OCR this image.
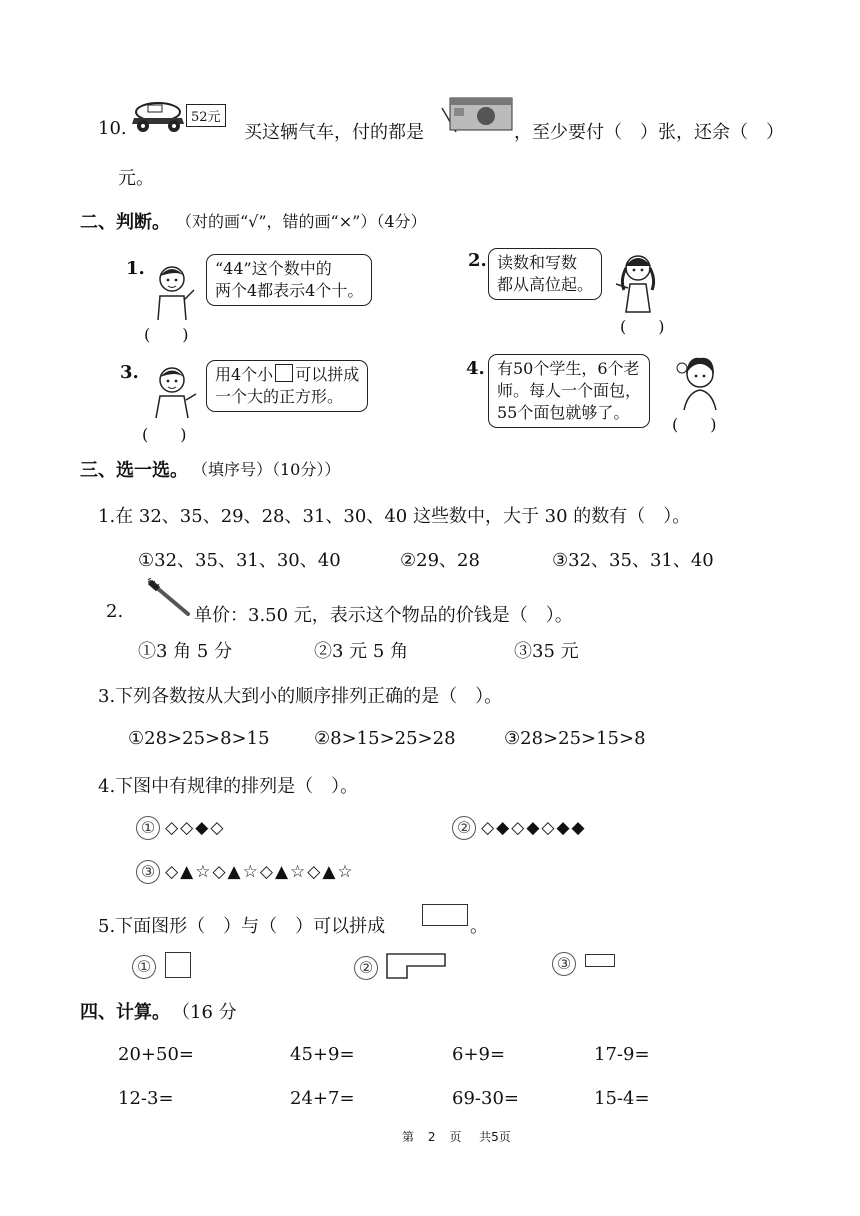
10.
52元
买这辆气车，付的都是	，至少要付（　）张，还余（　）
元。
二、判断。 （对的画“√”，错的画“×”）（4分）
1.	“44”这个数中的
两个4都表示4个十。
(　　)
2. 读数和写数
都从高位起。
(　　)
3.	用4个小 可以拼成
一个大的正方形。
(　　)
4. 有50个学生，6个老
师。每人一个面包，
55个面包就够了。
(　　)
三、选一选。 （填序号）（10分））
1.在 32、35、29、28、31、30、40 这些数中，大于 30 的数有（　）。
①32、35、31、30、40	②29、28	③32、35、31、40
2.	单价：3.50 元，表示这个物品的价钱是（　）。
①3 角 5 分	②3 元 5 角	③35 元
3.下列各数按从大到小的顺序排列正确的是（　）。
①28>25>8>15 ②8>15>25>28	③28>25>15>8
4.下图中有规律的排列是（　）。
① ◇◇◆◇	② ◇◆◇◆◇◆◆
③ ◇▲☆◇▲☆◇▲☆◇▲☆
5.下面图形（　）与（　）可以拼成	。
①	②	③
四、计算。 （16 分
20+50=	45+9=	6+9=	17-9=
12-3=	24+7=	69-30=	15-4=
第 2 页 共5页
